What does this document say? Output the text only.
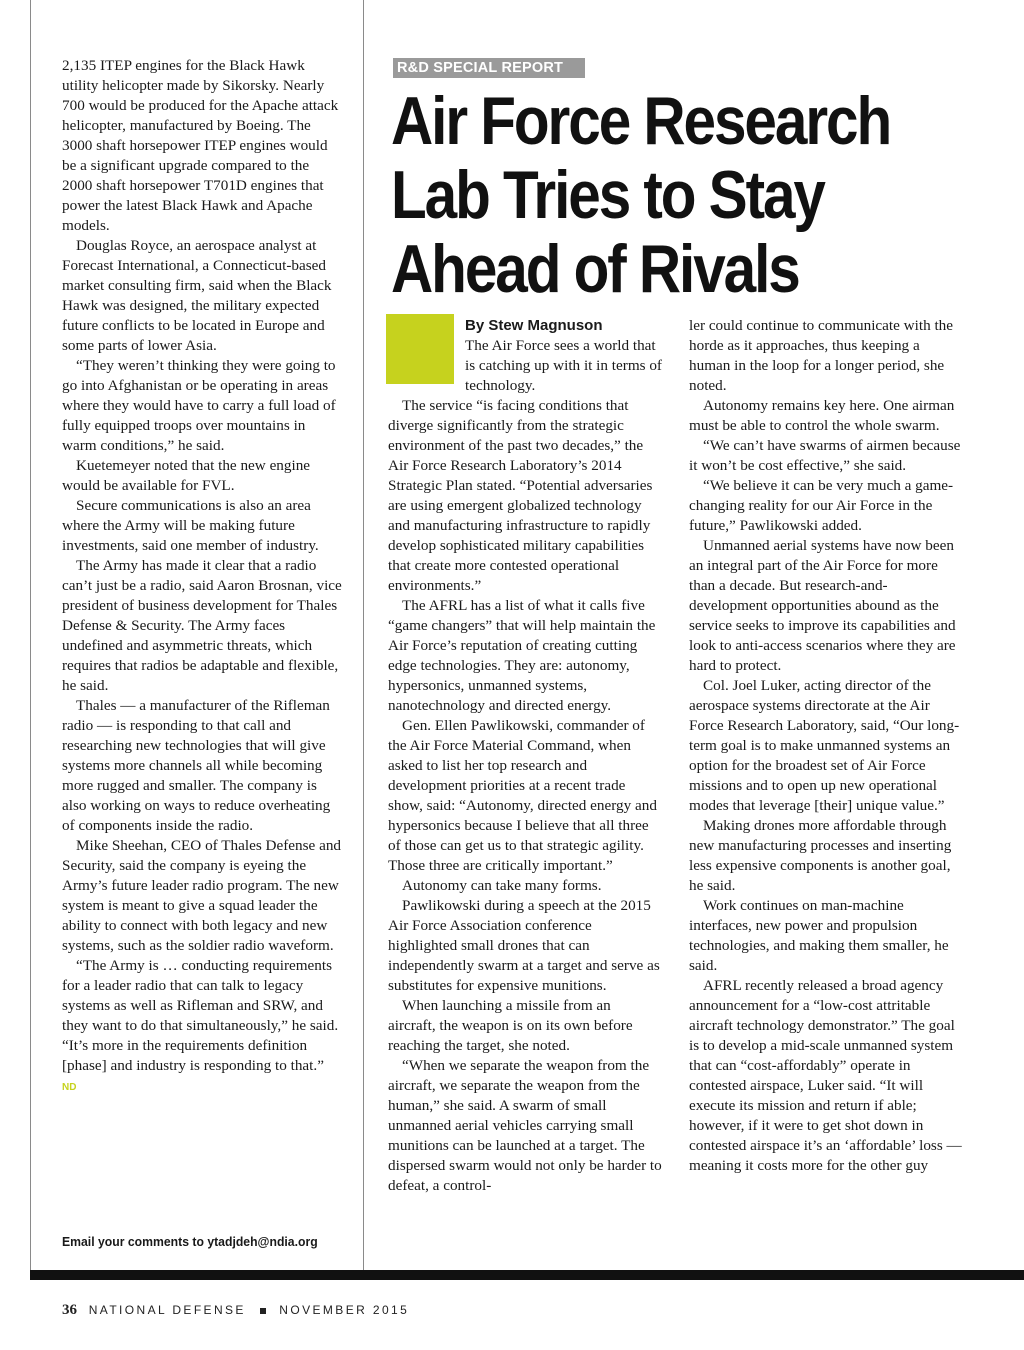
2,135 ITEP engines for the Black Hawk utility helicopter made by Sikorsky. Nearly 700 would be produced for the Apache attack helicopter, manufactured by Boeing. The 3000 shaft horsepower ITEP engines would be a significant upgrade compared to the 2000 shaft horsepower T701D engines that power the latest Black Hawk and Apache models.

Douglas Royce, an aerospace analyst at Forecast International, a Connecticut-based market consulting firm, said when the Black Hawk was designed, the military expected future conflicts to be located in Europe and some parts of lower Asia.

“They weren’t thinking they were going to go into Afghanistan or be operating in areas where they would have to carry a full load of fully equipped troops over mountains in warm conditions,” he said.

Kuetemeyer noted that the new engine would be available for FVL.

Secure communications is also an area where the Army will be making future investments, said one member of industry.

The Army has made it clear that a radio can’t just be a radio, said Aaron Brosnan, vice president of business development for Thales Defense & Security. The Army faces undefined and asymmetric threats, which requires that radios be adaptable and flexible, he said.

Thales — a manufacturer of the Rifleman radio — is responding to that call and researching new technologies that will give systems more channels all while becoming more rugged and smaller. The company is also working on ways to reduce overheating of components inside the radio.

Mike Sheehan, CEO of Thales Defense and Security, said the company is eyeing the Army’s future leader radio program. The new system is meant to give a squad leader the ability to connect with both legacy and new systems, such as the soldier radio waveform.

“The Army is … conducting requirements for a leader radio that can talk to legacy systems as well as Rifleman and SRW, and they want to do that simultaneously,” he said. “It’s more in the requirements definition [phase] and industry is responding to that.” ND

Email your comments to ytadjdeh@ndia.org
R&D SPECIAL REPORT
Air Force Research
Lab Tries to Stay
Ahead of Rivals

By Stew Magnuson

The Air Force sees a world that is catching up with it in terms of technology.

The service “is facing conditions that diverge significantly from the strategic environment of the past two decades,” the Air Force Research Laboratory’s 2014 Strategic Plan stated. “Potential adversaries are using emergent globalized technology and manufacturing infrastructure to rapidly develop sophisticated military capabilities that create more contested operational environments.”

The AFRL has a list of what it calls five “game changers” that will help maintain the Air Force’s reputation of creating cutting edge technologies. They are: autonomy, hypersonics, unmanned systems, nanotechnology and directed energy.

Gen. Ellen Pawlikowski, commander of the Air Force Material Command, when asked to list her top research and development priorities at a recent trade show, said: “Autonomy, directed energy and hypersonics because I believe that all three of those can get us to that strategic agility. Those three are critically important.”

Autonomy can take many forms.

Pawlikowski during a speech at the 2015 Air Force Association conference highlighted small drones that can independently swarm at a target and serve as substitutes for expensive munitions.

When launching a missile from an aircraft, the weapon is on its own before reaching the target, she noted.

“When we separate the weapon from the aircraft, we separate the weapon from the human,” she said. A swarm of small unmanned aerial vehicles carrying small munitions can be launched at a target. The dispersed swarm would not only be harder to defeat, a control-

ler could continue to communicate with the horde as it approaches, thus keeping a human in the loop for a longer period, she noted.

Autonomy remains key here. One airman must be able to control the whole swarm.

“We can’t have swarms of airmen because it won’t be cost effective,” she said.

“We believe it can be very much a game-changing reality for our Air Force in the future,” Pawlikowski added.

Unmanned aerial systems have now been an integral part of the Air Force for more than a decade. But research-and-development opportunities abound as the service seeks to improve its capabilities and look to anti-access scenarios where they are hard to protect.

Col. Joel Luker, acting director of the aerospace systems directorate at the Air Force Research Laboratory, said, “Our long-term goal is to make unmanned systems an option for the broadest set of Air Force missions and to open up new operational modes that leverage [their] unique value.”

Making drones more affordable through new manufacturing processes and inserting less expensive components is another goal, he said.

Work continues on man-machine interfaces, new power and propulsion technologies, and making them smaller, he said.

AFRL recently released a broad agency announcement for a “low-cost attritable aircraft technology demonstrator.” The goal is to develop a mid-scale unmanned system that can “cost-affordably” operate in contested airspace, Luker said. “It will execute its mission and return if able; however, if it were to get shot down in contested airspace it’s an ‘affordable’ loss — meaning it costs more for the other guy

36 NATIONAL DEFENSE	NOVEMBER 2015
